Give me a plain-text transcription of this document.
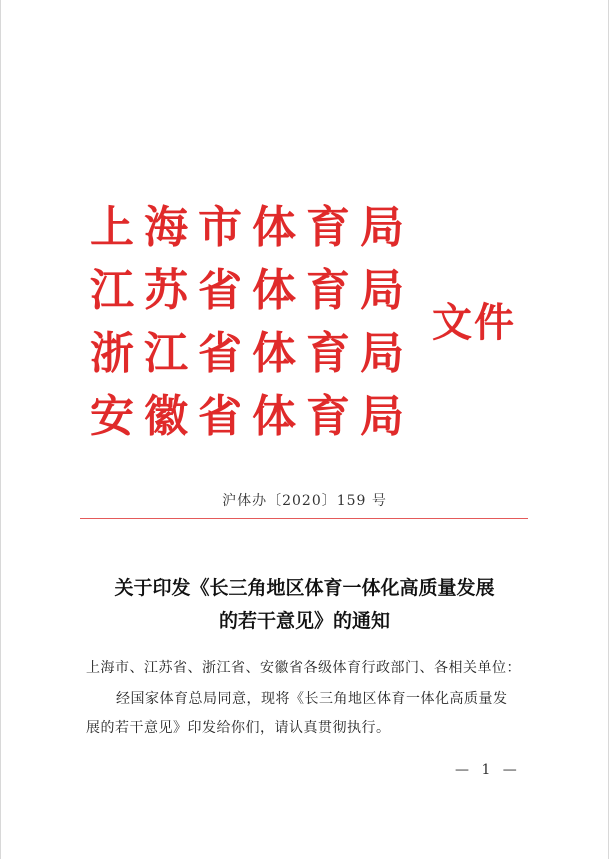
上海市体育局
江苏省体育局
浙江省体育局
安徽省体育局
文件
沪体办〔2020〕159 号
关于印发《长三角地区体育一体化高质量发展
的若干意见》的通知
上海市、江苏省、浙江省、安徽省各级体育行政部门、各相关单位：
经国家体育总局同意，现将《长三角地区体育一体化高质量发
展的若干意见》印发给你们，请认真贯彻执行。
— 1 —
